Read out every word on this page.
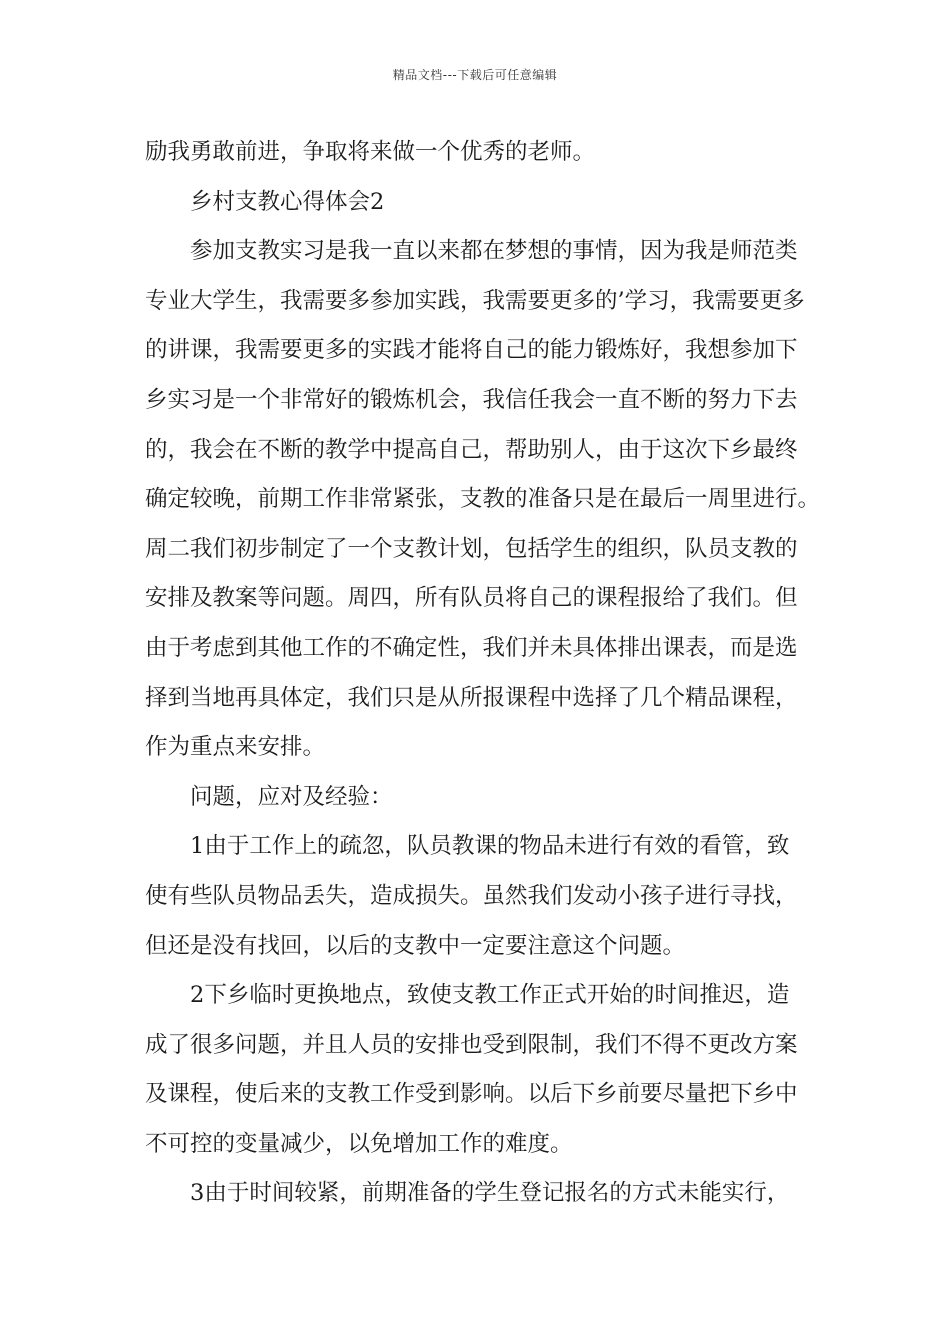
精品文档---下载后可任意编辑
励我勇敢前进，争取将来做一个优秀的老师。
乡村支教心得体会2
参加支教实习是我一直以来都在梦想的事情，因为我是师范类
专业大学生，我需要多参加实践，我需要更多的’学习，我需要更多
的讲课，我需要更多的实践才能将自己的能力锻炼好，我想参加下
乡实习是一个非常好的锻炼机会，我信任我会一直不断的努力下去
的，我会在不断的教学中提高自己，帮助别人，由于这次下乡最终
确定较晚，前期工作非常紧张，支教的准备只是在最后一周里进行。
周二我们初步制定了一个支教计划，包括学生的组织，队员支教的
安排及教案等问题。周四，所有队员将自己的课程报给了我们。但
由于考虑到其他工作的不确定性，我们并未具体排出课表，而是选
择到当地再具体定，我们只是从所报课程中选择了几个精品课程，
作为重点来安排。
问题，应对及经验：
1由于工作上的疏忽，队员教课的物品未进行有效的看管，致
使有些队员物品丢失，造成损失。虽然我们发动小孩子进行寻找，
但还是没有找回，以后的支教中一定要注意这个问题。
2下乡临时更换地点，致使支教工作正式开始的时间推迟，造
成了很多问题，并且人员的安排也受到限制，我们不得不更改方案
及课程，使后来的支教工作受到影响。以后下乡前要尽量把下乡中
不可控的变量减少，以免增加工作的难度。
3由于时间较紧，前期准备的学生登记报名的方式未能实行，
